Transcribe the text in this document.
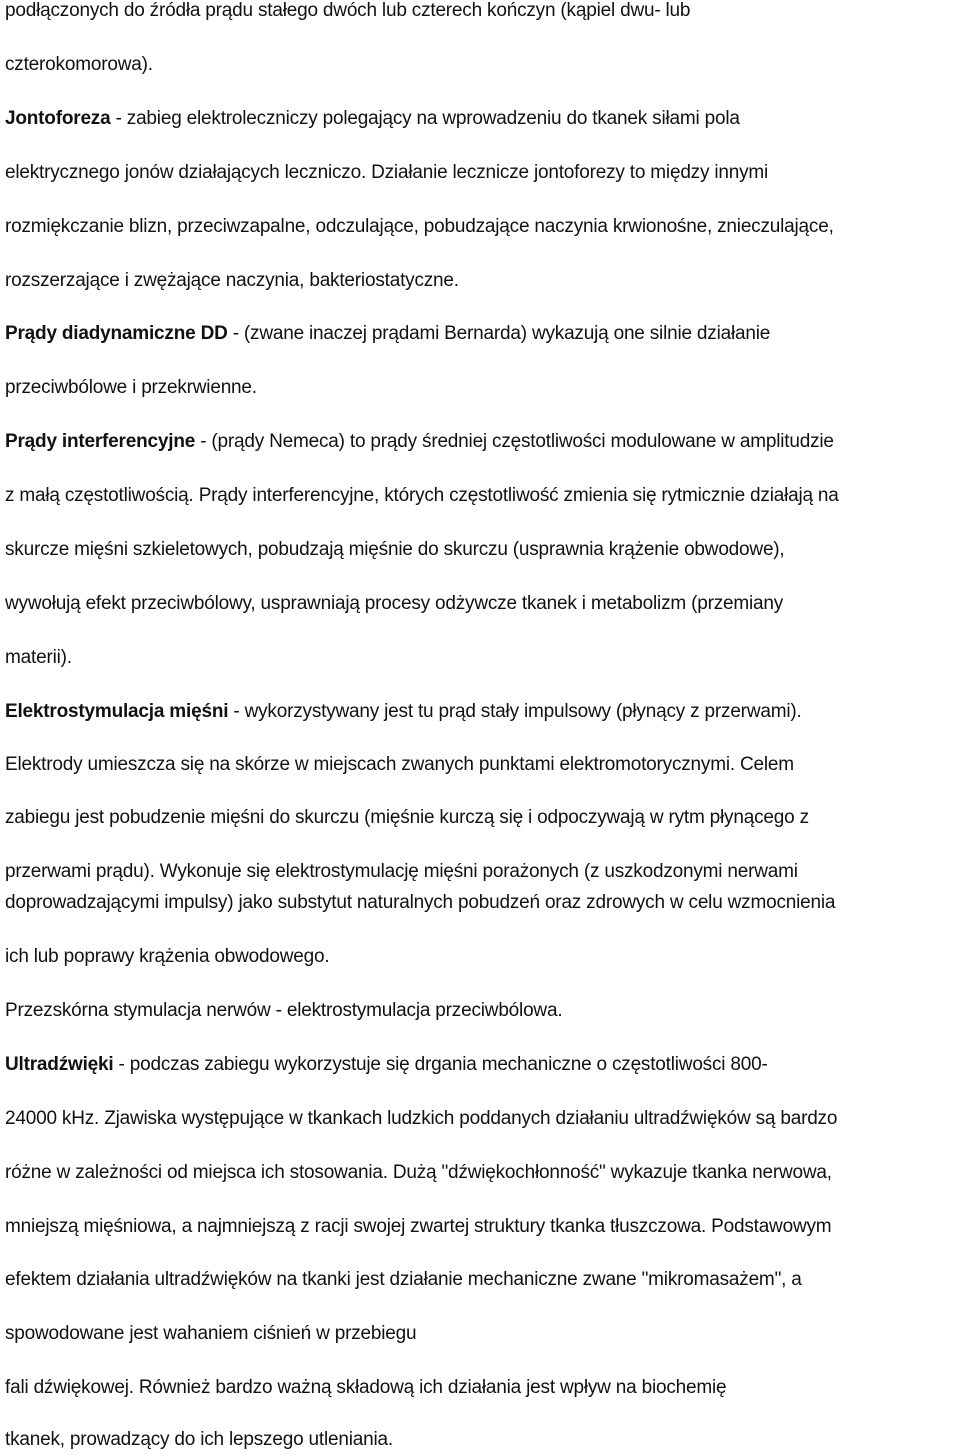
podłączonych do źródła prądu stałego dwóch lub czterech kończyn (kąpiel dwu- lub
czterokomorowa).
Jontoforeza - zabieg elektroleczniczy polegający na wprowadzeniu do tkanek siłami pola
elektrycznego jonów działających leczniczo. Działanie lecznicze jontoforezy to między innymi
rozmiękczanie blizn, przeciwzapalne, odczulające, pobudzające naczynia krwionośne, znieczulające,
rozszerzające i zwężające naczynia, bakteriostatyczne.
Prądy diadynamiczne DD - (zwane inaczej prądami Bernarda) wykazują one silnie działanie
przeciwbólowe i przekrwienne.
Prądy interferencyjne - (prądy Nemeca) to prądy średniej częstotliwości modulowane w amplitudzie
z małą częstotliwością. Prądy interferencyjne, których częstotliwość zmienia się rytmicznie działają na
skurcze mięśni szkieletowych, pobudzają mięśnie do skurczu (usprawnia krążenie obwodowe),
wywołują efekt przeciwbólowy, usprawniają procesy odżywcze tkanek i metabolizm (przemiany
materii).
Elektrostymulacja mięśni - wykorzystywany jest tu prąd stały impulsowy (płynący z przerwami).
Elektrody umieszcza się na skórze w miejscach zwanych punktami elektromotorycznymi. Celem
zabiegu jest pobudzenie mięśni do skurczu (mięśnie kurczą się i odpoczywają w rytm płynącego z
przerwami prądu). Wykonuje się elektrostymulację mięśni porażonych (z uszkodzonymi nerwami
doprowadzającymi impulsy) jako substytut naturalnych pobudzeń oraz zdrowych w celu wzmocnienia
ich lub poprawy krążenia obwodowego.
Przezskórna stymulacja nerwów - elektrostymulacja przeciwbólowa.
Ultradźwięki - podczas zabiegu wykorzystuje się drgania mechaniczne o częstotliwości 800-
24000 kHz. Zjawiska występujące w tkankach ludzkich poddanych działaniu ultradźwięków są bardzo
różne w zależności od miejsca ich stosowania. Dużą "dźwiękochłonność" wykazuje tkanka nerwowa,
mniejszą mięśniowa, a najmniejszą z racji swojej zwartej struktury tkanka tłuszczowa. Podstawowym
efektem działania ultradźwięków na tkanki jest działanie mechaniczne zwane "mikromasażem", a
spowodowane jest wahaniem ciśnień w przebiegu
fali dźwiękowej. Również bardzo ważną składową ich działania jest wpływ na biochemię
tkanek, prowadzący do ich lepszego utleniania.
